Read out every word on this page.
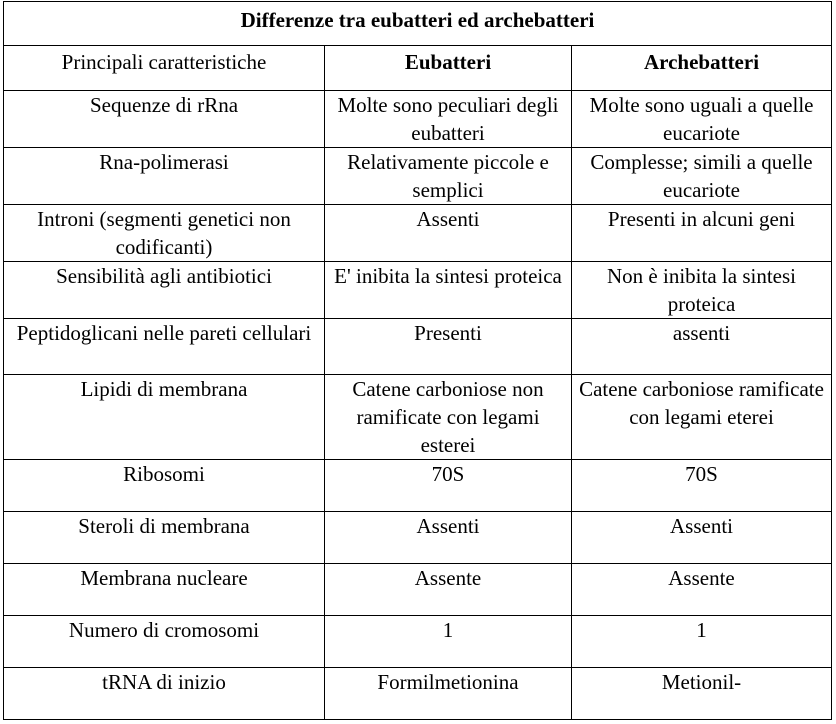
Differenze tra eubatteri ed archebatteri		
Principali caratteristiche	Eubatteri	Archebatteri
Sequenze di rRna	Molte sono peculiari degli eubatteri	Molte sono uguali a quelle eucariote
Rna-polimerasi	Relativamente piccole e semplici	Complesse; simili a quelle eucariote
Introni (segmenti genetici non codificanti)	Assenti	Presenti in alcuni geni
Sensibilità agli antibiotici	E' inibita la sintesi proteica	Non è inibita la sintesi proteica
Peptidoglicani nelle pareti cellulari	Presenti	assenti
Lipidi di membrana	Catene carboniose non ramificate con legami esterei	Catene carboniose ramificate con legami eterei
Ribosomi	70S	70S
Steroli di membrana	Assenti	Assenti
Membrana nucleare	Assente	Assente
Numero di cromosomi	1	1
tRNA di inizio	Formilmetionina	Metionil-
